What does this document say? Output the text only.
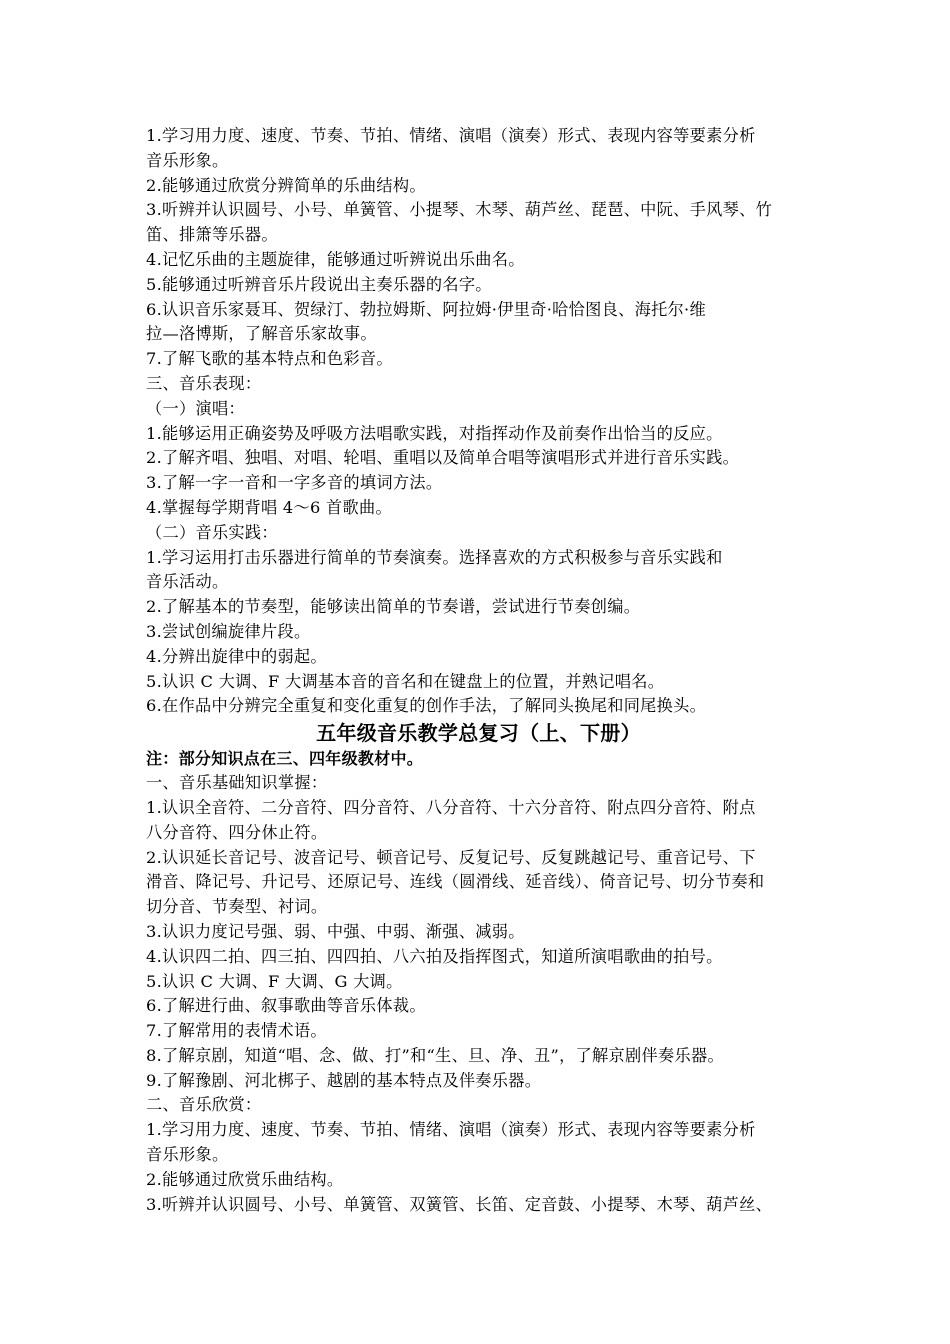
1.学习用力度、速度、节奏、节拍、情绪、演唱（演奏）形式、表现内容等要素分析
音乐形象。
2.能够通过欣赏分辨简单的乐曲结构。
3.听辨并认识圆号、小号、单簧管、小提琴、木琴、葫芦丝、琵琶、中阮、手风琴、竹
笛、排箫等乐器。
4.记忆乐曲的主题旋律，能够通过听辨说出乐曲名。
5.能够通过听辨音乐片段说出主奏乐器的名字。
6.认识音乐家聂耳、贺绿汀、勃拉姆斯、阿拉姆·伊里奇·哈恰图良、海托尔·维
拉—洛博斯，了解音乐家故事。
7.了解飞歌的基本特点和色彩音。
三、音乐表现：
（一）演唱：
1.能够运用正确姿势及呼吸方法唱歌实践，对指挥动作及前奏作出恰当的反应。
2.了解齐唱、独唱、对唱、轮唱、重唱以及简单合唱等演唱形式并进行音乐实践。
3.了解一字一音和一字多音的填词方法。
4.掌握每学期背唱 4～6 首歌曲。
（二）音乐实践：
1.学习运用打击乐器进行简单的节奏演奏。选择喜欢的方式积极参与音乐实践和
音乐活动。
2.了解基本的节奏型，能够读出简单的节奏谱，尝试进行节奏创编。
3.尝试创编旋律片段。
4.分辨出旋律中的弱起。
5.认识 C 大调、F 大调基本音的音名和在键盘上的位置，并熟记唱名。
6.在作品中分辨完全重复和变化重复的创作手法，了解同头换尾和同尾换头。
五年级音乐教学总复习（上、下册）
注：部分知识点在三、四年级教材中。
一、音乐基础知识掌握：
1.认识全音符、二分音符、四分音符、八分音符、十六分音符、附点四分音符、附点
八分音符、四分休止符。
2.认识延长音记号、波音记号、顿音记号、反复记号、反复跳越记号、重音记号、下
滑音、降记号、升记号、还原记号、连线（圆滑线、延音线）、倚音记号、切分节奏和
切分音、节奏型、衬词。
3.认识力度记号强、弱、中强、中弱、渐强、减弱。
4.认识四二拍、四三拍、四四拍、八六拍及指挥图式，知道所演唱歌曲的拍号。
5.认识 C 大调、F 大调、G 大调。
6.了解进行曲、叙事歌曲等音乐体裁。
7.了解常用的表情术语。
8.了解京剧，知道“唱、念、做、打”和“生、旦、净、丑”，了解京剧伴奏乐器。
9.了解豫剧、河北梆子、越剧的基本特点及伴奏乐器。
二、音乐欣赏：
1.学习用力度、速度、节奏、节拍、情绪、演唱（演奏）形式、表现内容等要素分析
音乐形象。
2.能够通过欣赏乐曲结构。
3.听辨并认识圆号、小号、单簧管、双簧管、长笛、定音鼓、小提琴、木琴、葫芦丝、
